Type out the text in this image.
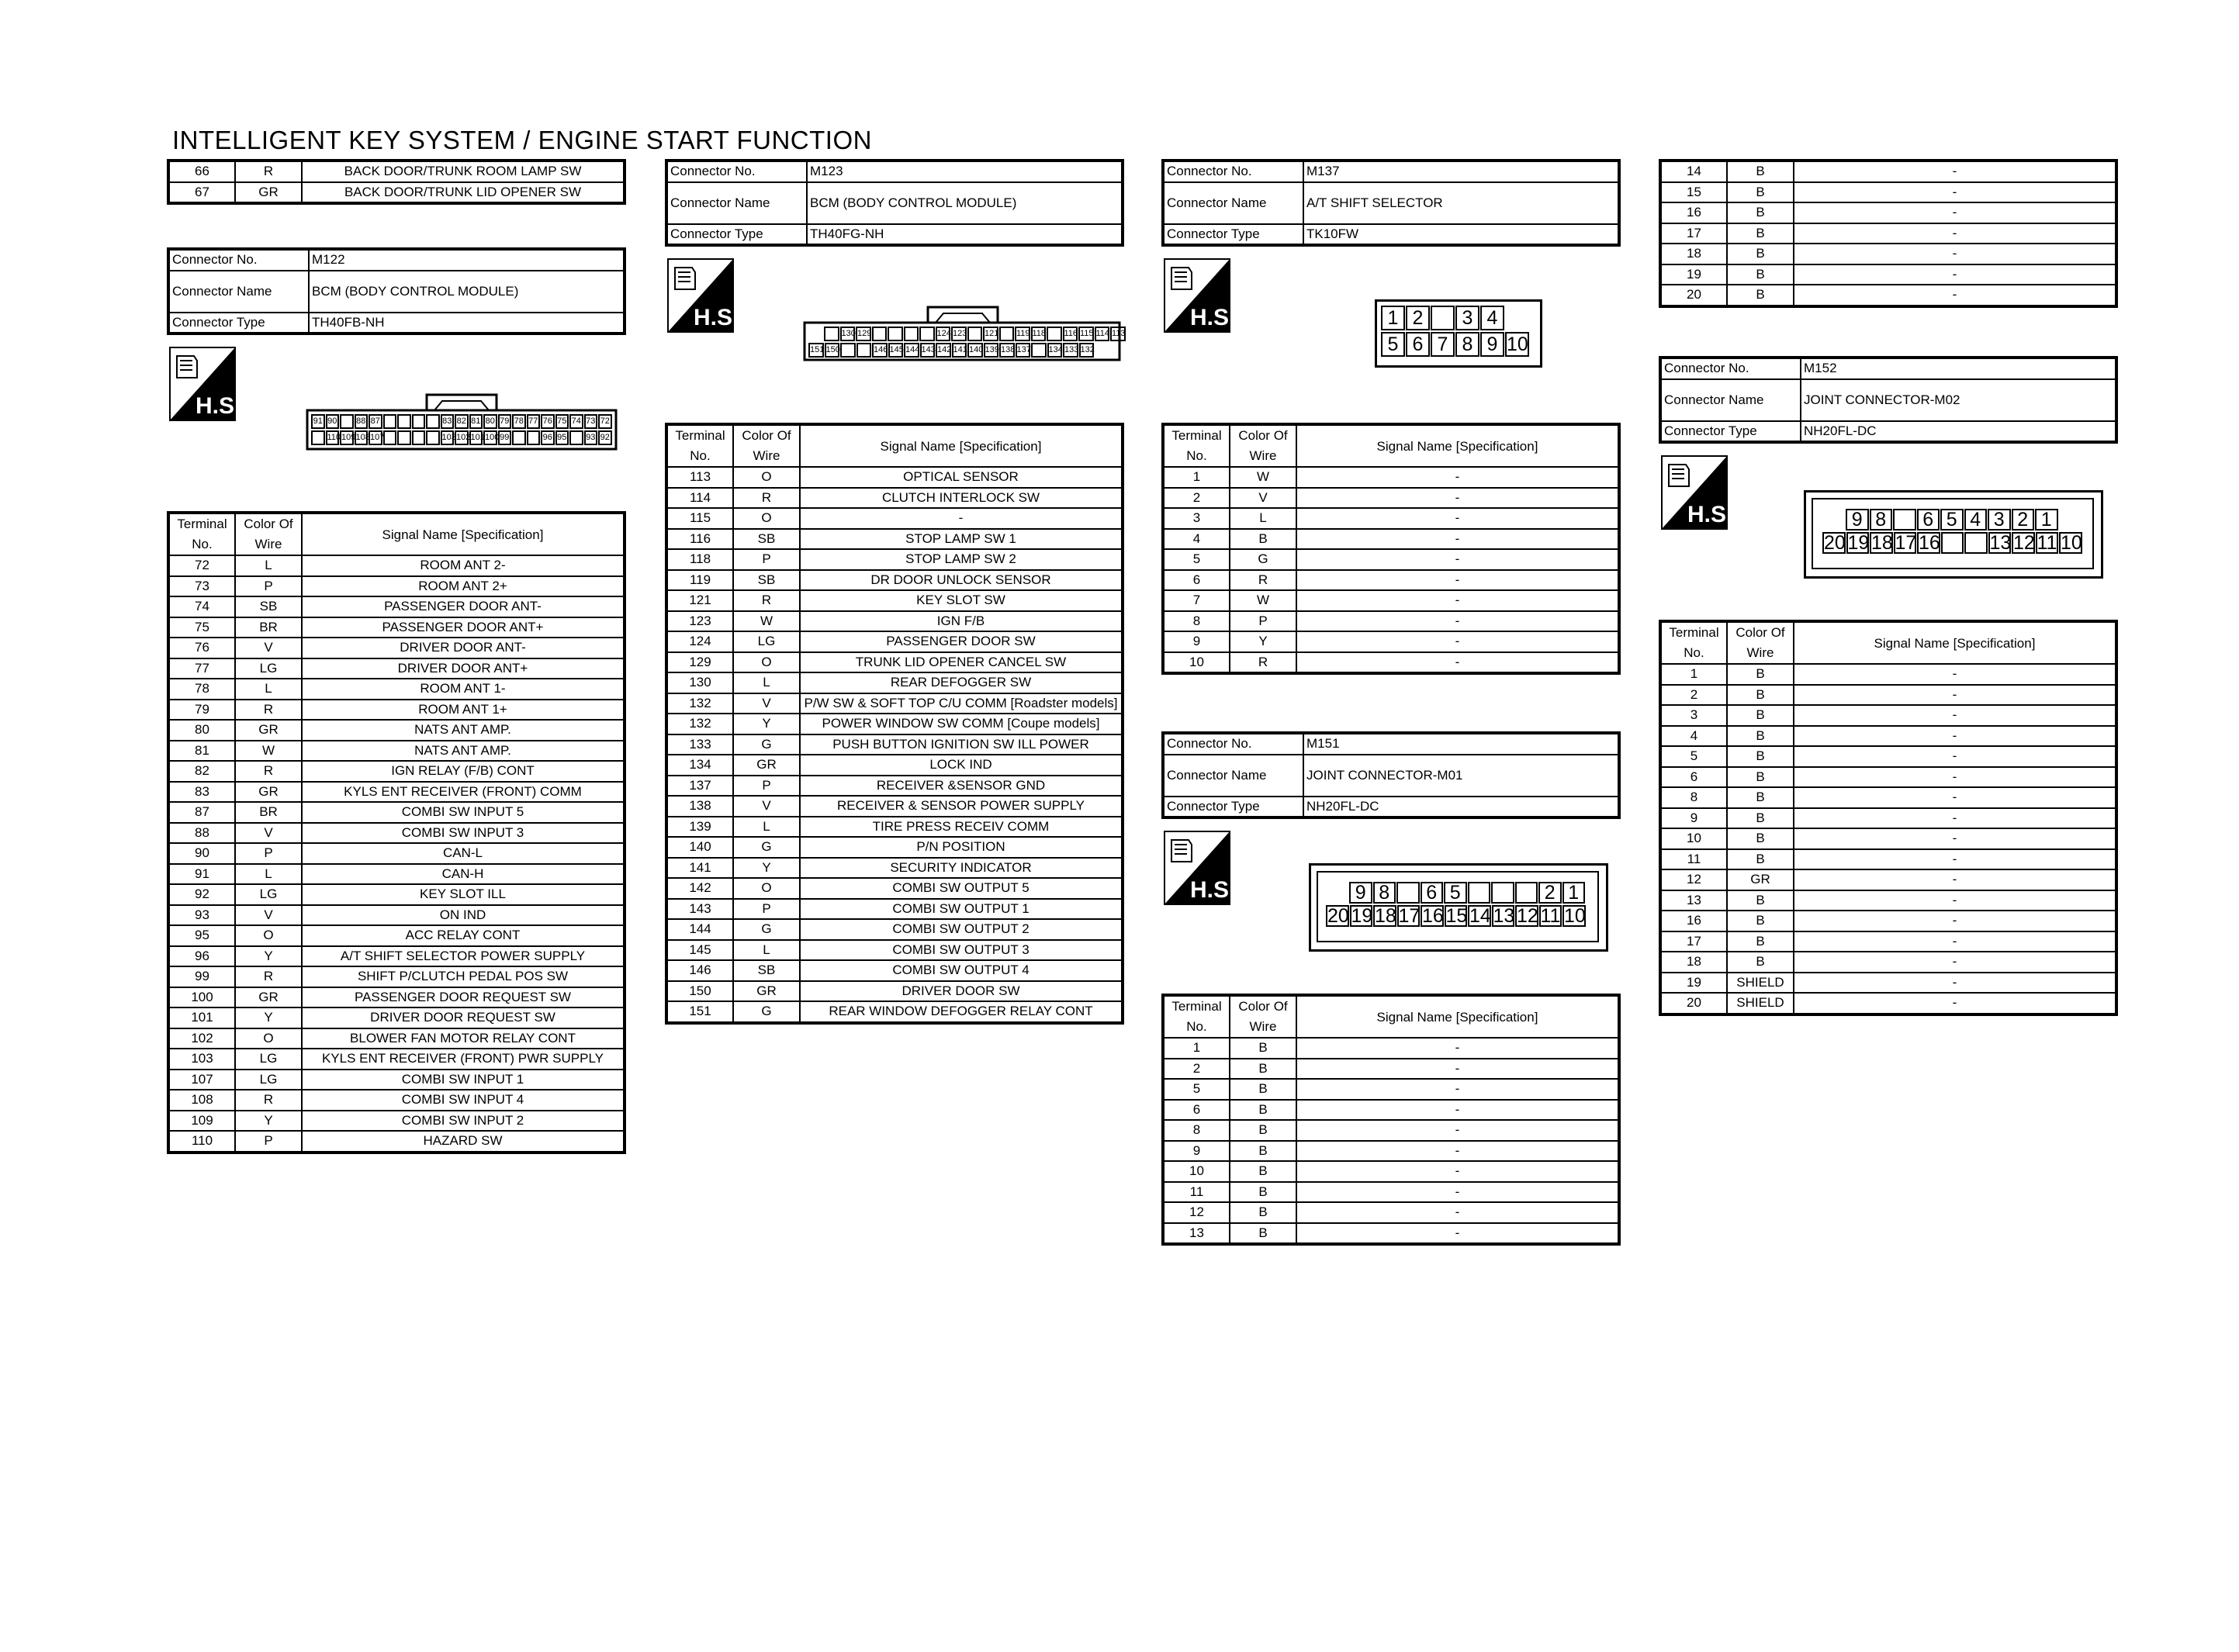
INTELLIGENT KEY SYSTEM / ENGINE START FUNCTION
66	R	BACK DOOR/TRUNK ROOM LAMP SW
67	GR	BACK DOOR/TRUNK LID OPENER SW
Connector No.	M122
Connector Name	BCM (BODY CONTROL MODULE)
Connector Type	TH40FB-NH
H.S.
91 90 88 87	83 82 81 80 79 78 77 76 75 74 73 72
110 109 108 107	103 102 101 100 99	96 95 93 92
Terminal No.	Color Of Wire	Signal Name [Specification]
72	L	ROOM ANT 2-
73	P	ROOM ANT 2+
74	SB	PASSENGER DOOR ANT-
75	BR	PASSENGER DOOR ANT+
76	V	DRIVER DOOR ANT-
77	LG	DRIVER DOOR ANT+
78	L	ROOM ANT 1-
79	R	ROOM ANT 1+
80	GR	NATS ANT AMP.
81	W	NATS ANT AMP.
82	R	IGN RELAY (F/B) CONT
83	GR	KYLS ENT RECEIVER (FRONT) COMM
87	BR	COMBI SW INPUT 5
88	V	COMBI SW INPUT 3
90	P	CAN-L
91	L	CAN-H
92	LG	KEY SLOT ILL
93	V	ON IND
95	O	ACC RELAY CONT
96	Y	A/T SHIFT SELECTOR POWER SUPPLY
99	R	SHIFT P/CLUTCH PEDAL POS SW
100	GR	PASSENGER DOOR REQUEST SW
101	Y	DRIVER DOOR REQUEST SW
102	O	BLOWER FAN MOTOR RELAY CONT
103	LG	KYLS ENT RECEIVER (FRONT) PWR SUPPLY
107	LG	COMBI SW INPUT 1
108	R	COMBI SW INPUT 4
109	Y	COMBI SW INPUT 2
110	P	HAZARD SW
Connector No.	M123
Connector Name	BCM (BODY CONTROL MODULE)
Connector Type	TH40FG-NH
H.S.
130 129	124 123 121 119 118 116 115 114 113
151 150	146 145 144 143 142 141 140 139 138 137 134 133 132
Terminal No.	Color Of Wire	Signal Name [Specification]
113	O	OPTICAL SENSOR
114	R	CLUTCH INTERLOCK SW
115	O	-
116	SB	STOP LAMP SW 1
118	P	STOP LAMP SW 2
119	SB	DR DOOR UNLOCK SENSOR
121	R	KEY SLOT SW
123	W	IGN F/B
124	LG	PASSENGER DOOR SW
129	O	TRUNK LID OPENER CANCEL SW
130	L	REAR DEFOGGER SW
132	V	P/W SW & SOFT TOP C/U COMM [Roadster models]
132	Y	POWER WINDOW SW COMM [Coupe models]
133	G	PUSH BUTTON IGNITION SW ILL POWER
134	GR	LOCK IND
137	P	RECEIVER &SENSOR GND
138	V	RECEIVER & SENSOR POWER SUPPLY
139	L	TIRE PRESS RECEIV COMM
140	G	P/N POSITION
141	Y	SECURITY INDICATOR
142	O	COMBI SW OUTPUT 5
143	P	COMBI SW OUTPUT 1
144	G	COMBI SW OUTPUT 2
145	L	COMBI SW OUTPUT 3
146	SB	COMBI SW OUTPUT 4
150	GR	DRIVER DOOR SW
151	G	REAR WINDOW DEFOGGER RELAY CONT
Connector No.	M137
Connector Name	A/T SHIFT SELECTOR
Connector Type	TK10FW
H.S.	1 2	3 4
5 6 7 8 9 10
Terminal No.	Color Of Wire	Signal Name [Specification]
1	W	-
2	V	-
3	L	-
4	B	-
5	G	-
6	R	-
7	W	-
8	P	-
9	Y	-
10	R	-
Connector No.	M151
Connector Name	JOINT CONNECTOR-M01
Connector Type	NH20FL-DC
H.S.	9 8	6 5	2 1
20 19 18 17 16 15 14 13 12 11 10
Terminal No.	Color Of Wire	Signal Name [Specification]
1	B	-
2	B	-
5	B	-
6	B	-
8	B	-
9	B	-
10	B	-
11	B	-
12	B	-
13	B	-
14	B	-
15	B	-
16	B	-
17	B	-
18	B	-
19	B	-
20	B	-
Connector No.	M152
Connector Name	JOINT CONNECTOR-M02
Connector Type	NH20FL-DC
H.S.	9 8	6 5 4 3 2 1
20 19 18 17 16	13 12 11 10
Terminal No.	Color Of Wire	Signal Name [Specification]
1	B	-
2	B	-
3	B	-
4	B	-
5	B	-
6	B	-
8	B	-
9	B	-
10	B	-
11	B	-
12	GR	-
13	B	-
16	B	-
17	B	-
18	B	-
19	SHIELD	-
20	SHIELD	-
